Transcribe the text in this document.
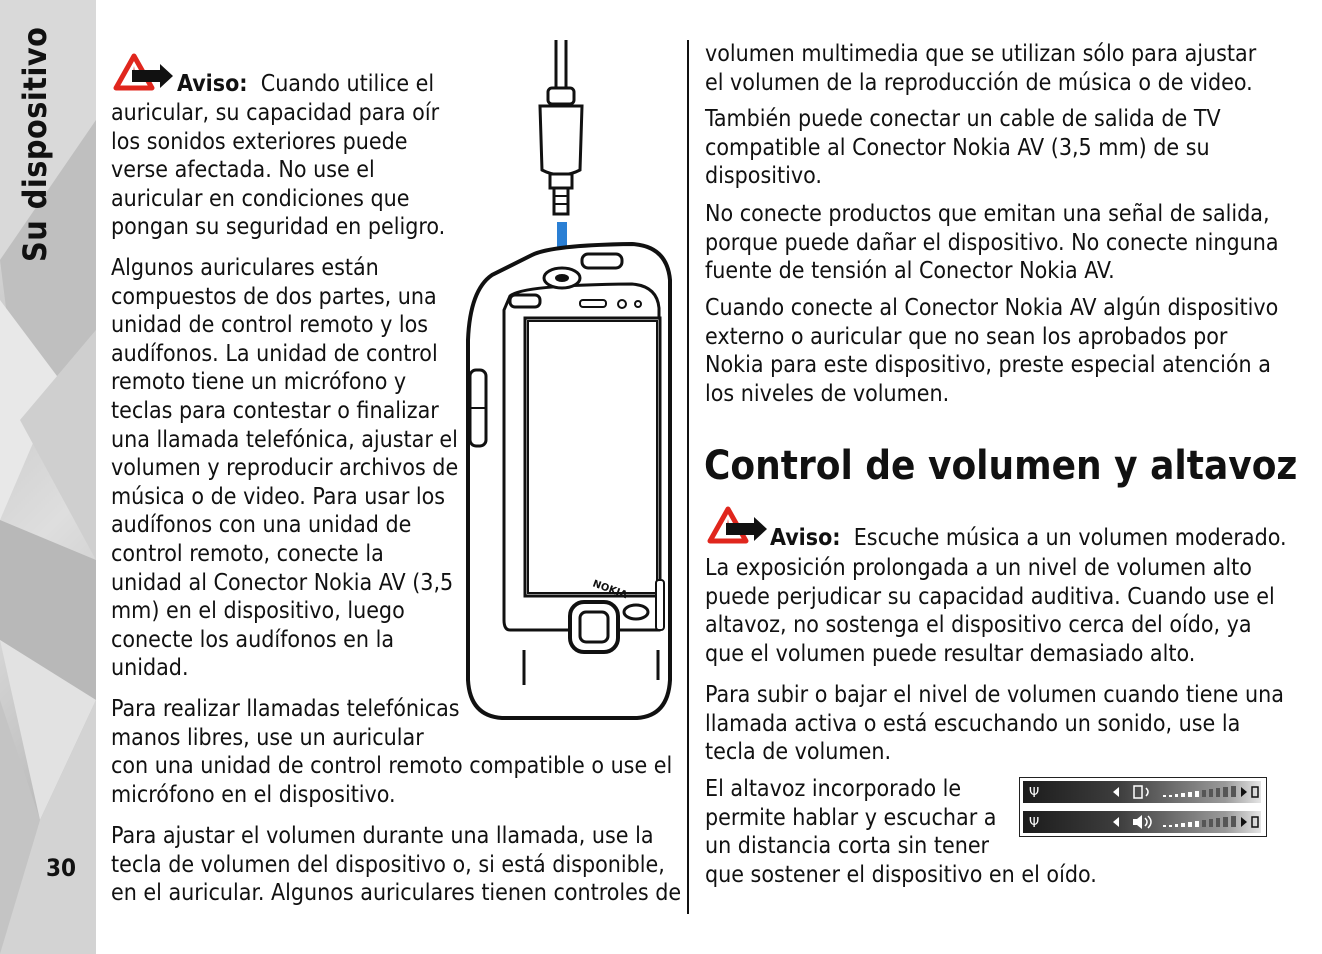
Su dispositivo
30

Aviso: Cuando utilice el

auricular, su capacidad para oír
los sonidos exteriores puede
verse afectada. No use el
auricular en condiciones que
pongan su seguridad en peligro.

Algunos auriculares están
compuestos de dos partes, una
unidad de control remoto y los
audífonos. La unidad de control
remoto tiene un micrófono y
teclas para contestar o finalizar
una llamada telefónica, ajustar el
volumen y reproducir archivos de
música o de video. Para usar los
audífonos con una unidad de
control remoto, conecte la
unidad al Conector Nokia AV (3,5
mm) en el dispositivo, luego
conecte los audífonos en la
unidad.

Para realizar llamadas telefónicas
manos libres, use un auricular
con una unidad de control remoto compatible o use el
micrófono en el dispositivo.

Para ajustar el volumen durante una llamada, use la
tecla de volumen del dispositivo o, si está disponible,
en el auricular. Algunos auriculares tienen controles de

NOKIA

volumen multimedia que se utilizan sólo para ajustar
el volumen de la reproducción de música o de video.

También puede conectar un cable de salida de TV
compatible al Conector Nokia AV (3,5 mm) de su
dispositivo.

No conecte productos que emitan una señal de salida,
porque puede dañar el dispositivo. No conecte ninguna
fuente de tensión al Conector Nokia AV.

Cuando conecte al Conector Nokia AV algún dispositivo
externo o auricular que no sean los aprobados por
Nokia para este dispositivo, preste especial atención a
los niveles de volumen.

Control de volumen y altavoz

Aviso: Escuche música a un volumen moderado.

La exposición prolongada a un nivel de volumen alto
puede perjudicar su capacidad auditiva. Cuando use el
altavoz, no sostenga el dispositivo cerca del oído, ya
que el volumen puede resultar demasiado alto.

Para subir o bajar el nivel de volumen cuando tiene una
llamada activa o está escuchando un sonido, use la
tecla de volumen.

El altavoz incorporado le
permite hablar y escuchar a
un distancia corta sin tener
que sostener el dispositivo en el oído.

Ψ
Ψ
